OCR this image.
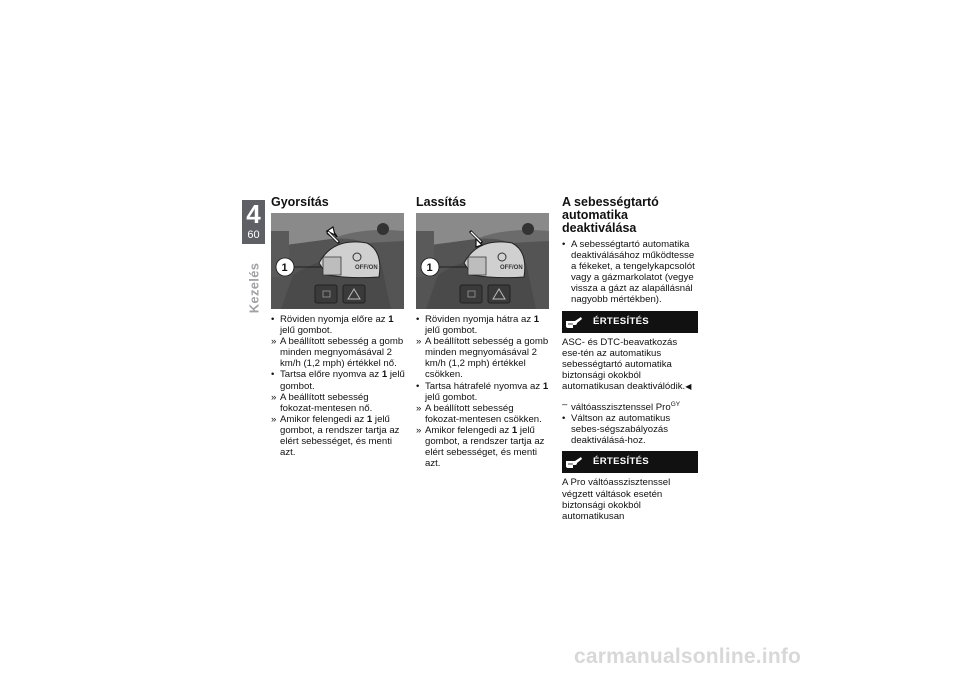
4
60
Kezelés
Gyorsítás
OFF/ON
1
• Röviden nyomja előre az 1 jelű gombot.
» A beállított sebesség a gomb minden megnyomásával 2 km/h (1,2 mph) értékkel nő.
• Tartsa előre nyomva az 1 jelű gombot.
» A beállított sebesség fokozat-mentesen nő.
» Amikor felengedi az 1 jelű gombot, a rendszer tartja az elért sebességet, és menti azt.
Lassítás
OFF/ON
1
• Röviden nyomja hátra az 1 jelű gombot.
» A beállított sebesség a gomb minden megnyomásával 2 km/h (1,2 mph) értékkel csökken.
• Tartsa hátrafelé nyomva az 1 jelű gombot.
» A beállított sebesség fokozat-mentesen csökken.
» Amikor felengedi az 1 jelű gombot, a rendszer tartja az elért sebességet, és menti azt.
A sebességtartó automatika deaktiválása
• A sebességtartó automatika deaktiválásához működtesse a fékeket, a tengelykapcsolót vagy a gázmarkolatot (vegye vissza a gázt az alapállásnál nagyobb mértékben).
ÉRTESÍTÉS

ASC- és DTC-beavatkozás ese-tén az automatikus sebességtartó automatika biztonsági okokból automatikusan deaktiválódik.◀

– váltóasszisztenssel Pro$^{GY}$
• Váltson az automatikus sebes-ségszabályozás deaktiválásá-hoz.
ÉRTESÍTÉS

A Pro váltóasszisztenssel végzett váltások esetén biztonsági okokból automatikusan

carmanualsonline.info
